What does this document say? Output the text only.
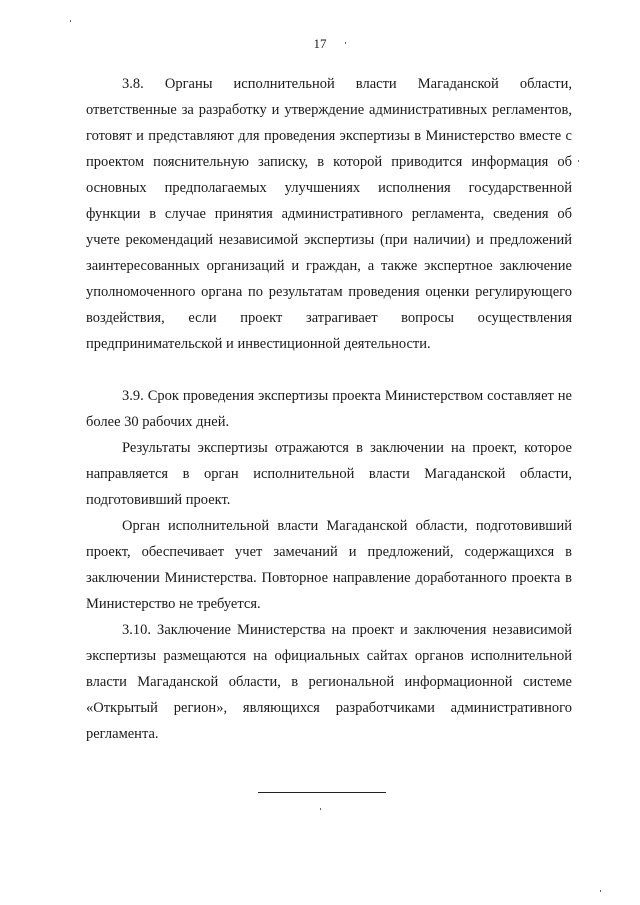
17

3.8. Органы исполнительной власти Магаданской области, ответственные за разработку и утверждение административных регламентов, готовят и представляют для проведения экспертизы в Министерство вместе с проектом пояснительную записку, в которой приводится информация об основных предполагаемых улучшениях исполнения государственной функции в случае принятия административного регламента, сведения об учете рекомендаций независимой экспертизы (при наличии) и предложений заинтересованных организаций и граждан, а также экспертное заключение уполномоченного органа по результатам проведения оценки регулирующего воздействия, если проект затрагивает вопросы осуществления предпринимательской и инвестиционной деятельности.

3.9. Срок проведения экспертизы проекта Министерством составляет не более 30 рабочих дней.

Результаты экспертизы отражаются в заключении на проект, которое направляется в орган исполнительной власти Магаданской области, подготовивший проект.

Орган исполнительной власти Магаданской области, подготовивший проект, обеспечивает учет замечаний и предложений, содержащихся в заключении Министерства. Повторное направление доработанного проекта в Министерство не требуется.

3.10. Заключение Министерства на проект и заключения независимой экспертизы размещаются на официальных сайтах органов исполнительной власти Магаданской области, в региональной информационной системе «Открытый регион», являющихся разработчиками административного регламента.
